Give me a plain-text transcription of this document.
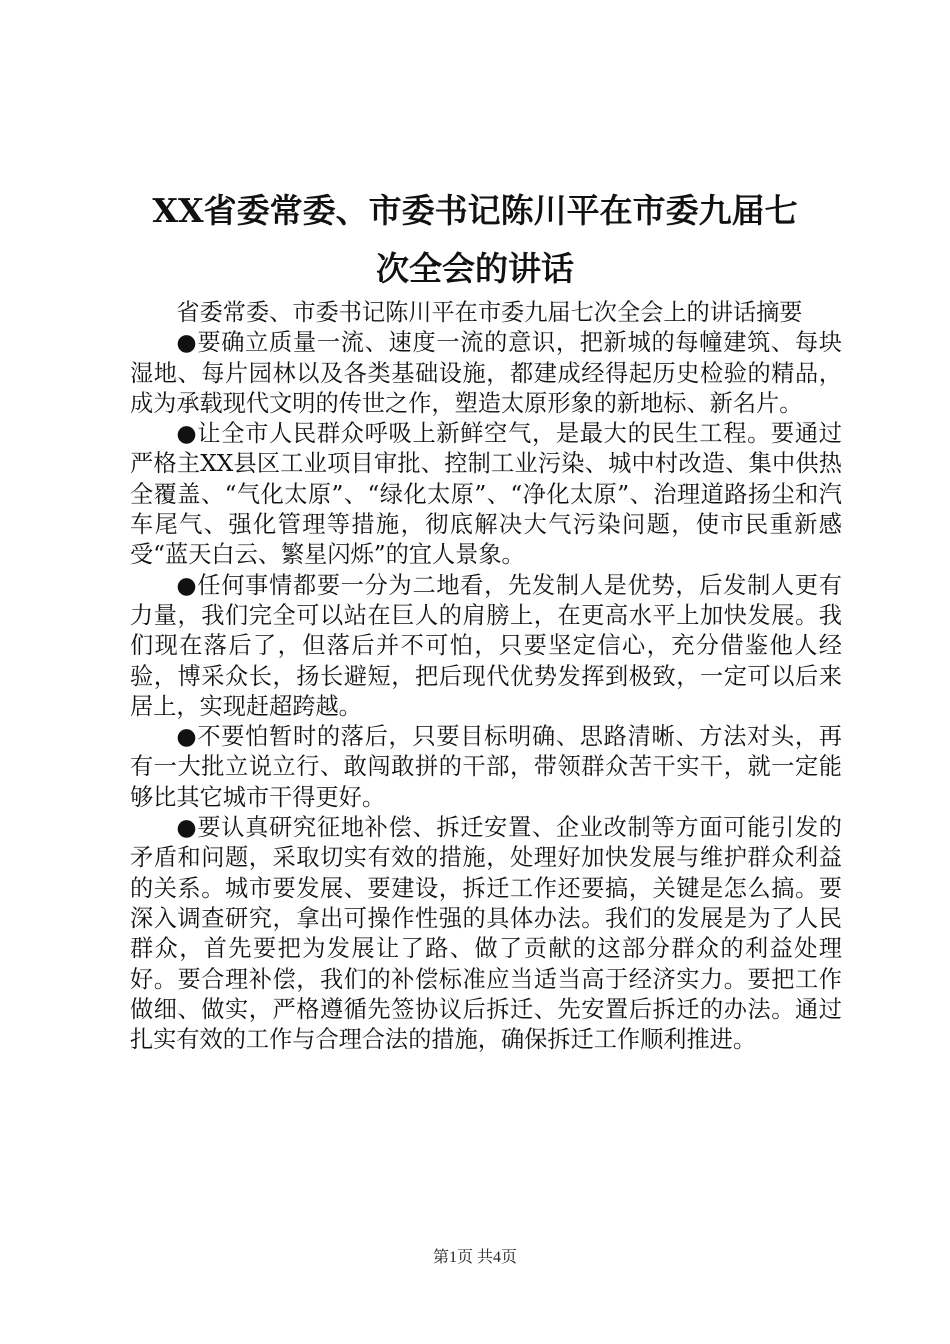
XX省委常委、市委书记陈川平在市委九届七
次全会的讲话

省委常委、市委书记陈川平在市委九届七次全会上的讲话摘要

●要确立质量一流、速度一流的意识，把新城的每幢建筑、每块湿地、每片园林以及各类基础设施，都建成经得起历史检验的精品，成为承载现代文明的传世之作，塑造太原形象的新地标、新名片。

●让全市人民群众呼吸上新鲜空气，是最大的民生工程。要通过严格主XX县区工业项目审批、控制工业污染、城中村改造、集中供热全覆盖、“气化太原”、“绿化太原”、“净化太原”、治理道路扬尘和汽车尾气、强化管理等措施，彻底解决大气污染问题，使市民重新感受“蓝天白云、繁星闪烁”的宜人景象。

●任何事情都要一分为二地看，先发制人是优势，后发制人更有力量，我们完全可以站在巨人的肩膀上，在更高水平上加快发展。我们现在落后了，但落后并不可怕，只要坚定信心，充分借鉴他人经验，博采众长，扬长避短，把后现代优势发挥到极致，一定可以后来居上，实现赶超跨越。

●不要怕暂时的落后，只要目标明确、思路清晰、方法对头，再有一大批立说立行、敢闯敢拼的干部，带领群众苦干实干，就一定能够比其它城市干得更好。

●要认真研究征地补偿、拆迁安置、企业改制等方面可能引发的矛盾和问题，采取切实有效的措施，处理好加快发展与维护群众利益的关系。城市要发展、要建设，拆迁工作还要搞，关键是怎么搞。要深入调查研究，拿出可操作性强的具体办法。我们的发展是为了人民群众，首先要把为发展让了路、做了贡献的这部分群众的利益处理好。要合理补偿，我们的补偿标准应当适当高于经济实力。要把工作做细、做实，严格遵循先签协议后拆迁、先安置后拆迁的办法。通过扎实有效的工作与合理合法的措施，确保拆迁工作顺利推进。

第1页 共4页
